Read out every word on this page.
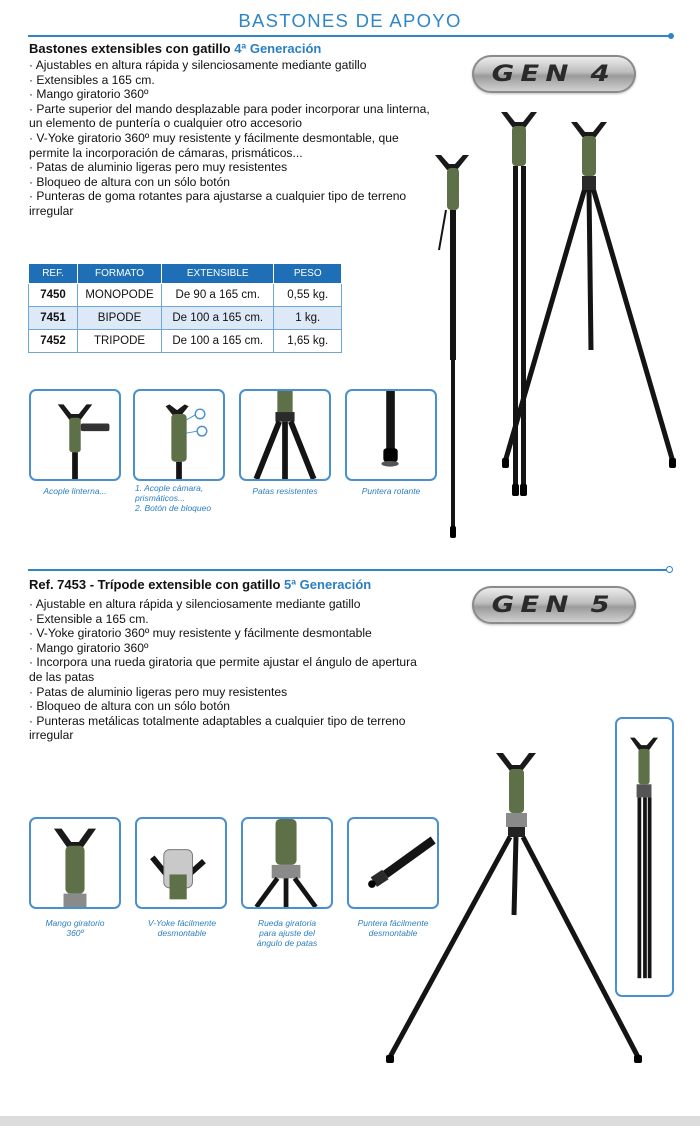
BASTONES DE APOYO
Bastones extensibles con gatillo 4ª Generación
· Ajustables en altura rápida y silenciosamente mediante gatillo
· Extensibles a 165 cm.
· Mango giratorio 360º
· Parte superior del mando desplazable para poder incorporar una linterna, un elemento de puntería o cualquier otro accesorio
· V-Yoke giratorio 360º muy resistente y fácilmente desmontable, que permite la incorporación de cámaras, prismáticos...
· Patas de aluminio ligeras pero muy resistentes
· Bloqueo de altura con un sólo botón
· Punteras de goma rotantes para ajustarse a cualquier tipo de terreno irregular
GEN 4
REF.	FORMATO	EXTENSIBLE	PESO
7450	MONOPODE	De 90 a 165 cm.	0,55 kg.
7451	BIPODE	De 100 a 165 cm.	1 kg.
7452	TRIPODE	De 100 a 165 cm.	1,65 kg.
Acople linterna...	1. Acople cámara, prismáticos...
2. Botón de bloqueo
Patas resistentes	Puntera rotante
Ref. 7453 - Trípode extensible con gatillo 5ª Generación
· Ajustable en altura rápida y silenciosamente mediante gatillo
· Extensible a 165 cm.
· V-Yoke giratorio 360º muy resistente y fácilmente desmontable
· Mango giratorio 360º
· Incorpora una rueda giratoria que permite ajustar el ángulo de apertura de las patas
· Patas de aluminio ligeras pero muy resistentes
· Bloqueo de altura con un sólo botón
· Punteras metálicas totalmente adaptables a cualquier tipo de terreno irregular
GEN 5
Mango giratorio 360º
V-Yoke fácilmente desmontable
Rueda giratoria para ajuste del ángulo de patas
Puntera fácilmente desmontable
